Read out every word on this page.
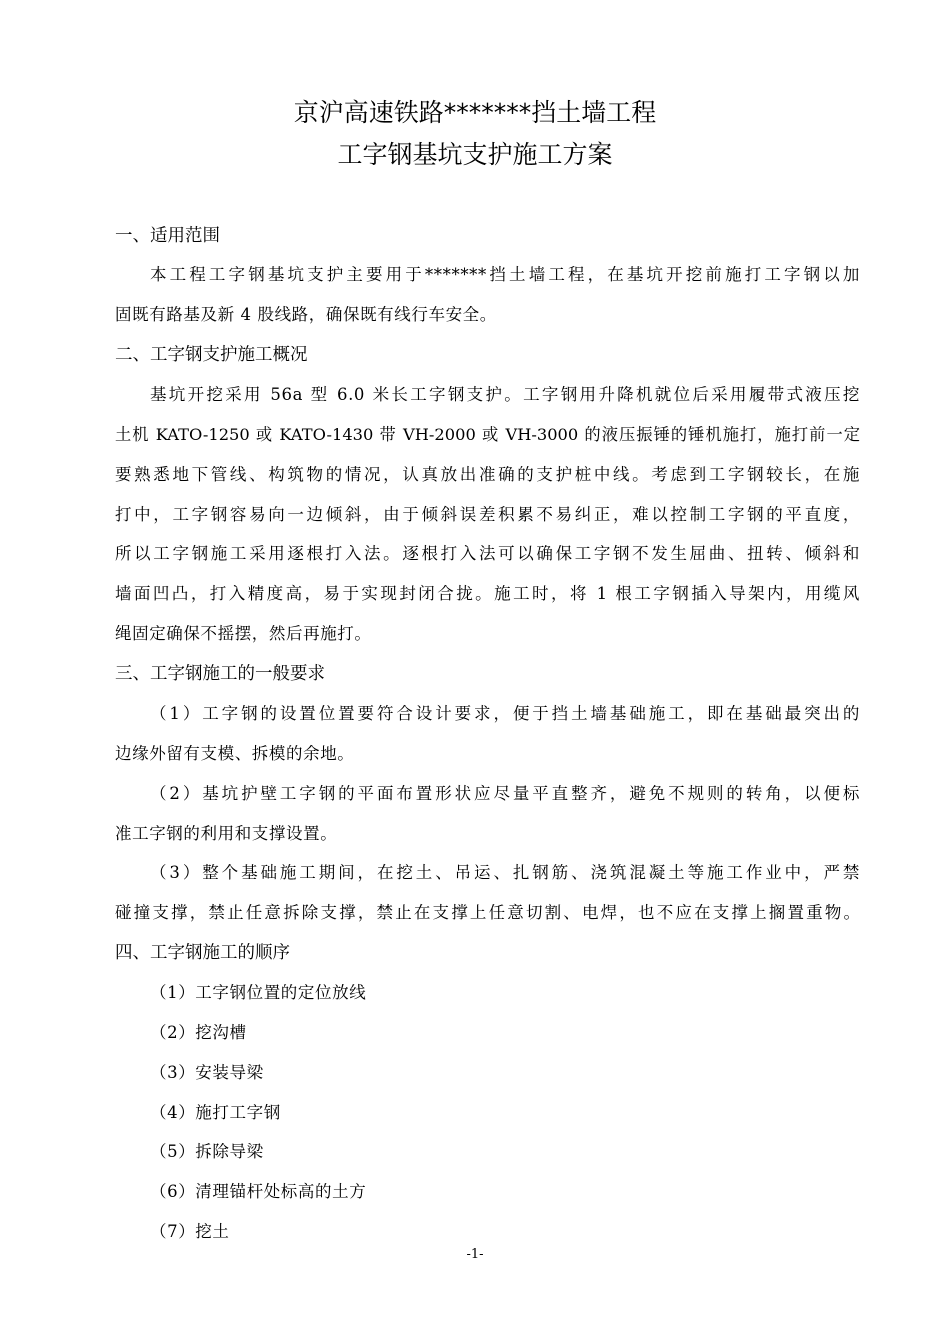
京沪高速铁路*******挡土墙工程
工字钢基坑支护施工方案
一、适用范围
本工程工字钢基坑支护主要用于*******挡土墙工程，在基坑开挖前施打工字钢以加
固既有路基及新 4 股线路，确保既有线行车安全。
二、工字钢支护施工概况
基坑开挖采用 56a 型 6.0 米长工字钢支护。工字钢用升降机就位后采用履带式液压挖
土机 KATO-1250 或 KATO-1430 带 VH-2000 或 VH-3000 的液压振锤的锤机施打，施打前一定
要熟悉地下管线、构筑物的情况，认真放出准确的支护桩中线。考虑到工字钢较长，在施
打中，工字钢容易向一边倾斜，由于倾斜误差积累不易纠正，难以控制工字钢的平直度，
所以工字钢施工采用逐根打入法。逐根打入法可以确保工字钢不发生屈曲、扭转、倾斜和
墙面凹凸，打入精度高，易于实现封闭合拢。施工时，将 1 根工字钢插入导架内，用缆风
绳固定确保不摇摆，然后再施打。
三、工字钢施工的一般要求
（1）工字钢的设置位置要符合设计要求，便于挡土墙基础施工，即在基础最突出的
边缘外留有支模、拆模的余地。
（2）基坑护壁工字钢的平面布置形状应尽量平直整齐，避免不规则的转角，以便标
准工字钢的利用和支撑设置。
（3）整个基础施工期间，在挖土、吊运、扎钢筋、浇筑混凝土等施工作业中，严禁
碰撞支撑，禁止任意拆除支撑，禁止在支撑上任意切割、电焊，也不应在支撑上搁置重物。
四、工字钢施工的顺序
（1）工字钢位置的定位放线
（2）挖沟槽
（3）安装导梁
（4）施打工字钢
（5）拆除导梁
（6）清理锚杆处标高的土方
（7）挖土
-1-
